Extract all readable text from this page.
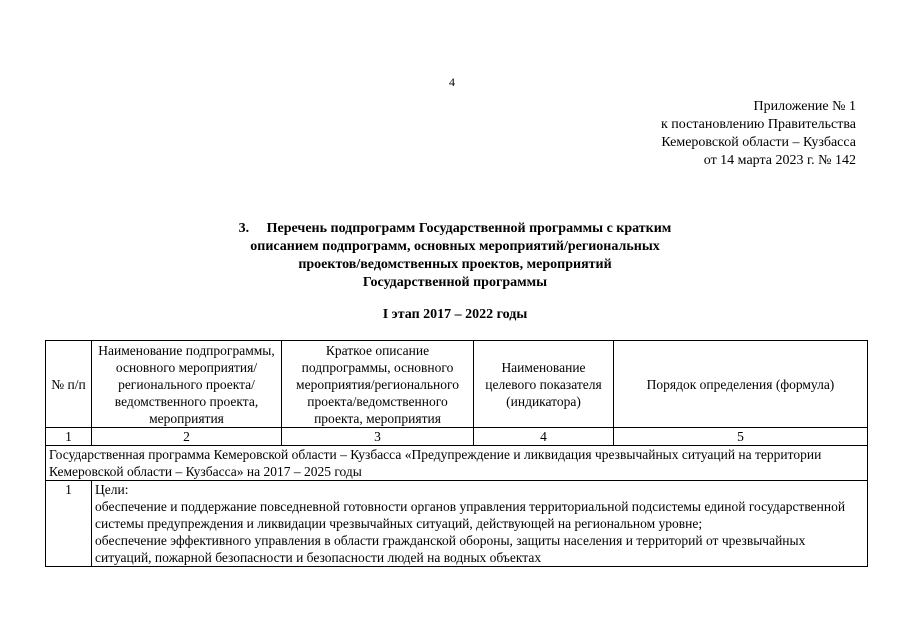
4
Приложение № 1
к постановлению Правительства
Кемеровской области – Кузбасса
от 14 марта 2023 г. № 142
3.     Перечень подпрограмм Государственной программы с кратким
описанием подпрограмм, основных мероприятий/региональных
проектов/ведомственных проектов, мероприятий
Государственной программы
I этап 2017 – 2022 годы
№ п/п	Наименование подпрограммы, основного мероприятия/регионального проекта/ведомственного проекта, мероприятия	Краткое описание подпрограммы, основного мероприятия/регионального проекта/ведомственного проекта, мероприятия	Наименование целевого показателя (индикатора)	Порядок определения (формула)
1	2	3	4	5
Государственная программа Кемеровской области – Кузбасса «Предупреждение и ликвидация чрезвычайных ситуаций на территории Кемеровской области – Кузбасса» на 2017 – 2025 годы				
1	Цели:
обеспечение и поддержание повседневной готовности органов управления территориальной подсистемы единой государственной системы предупреждения и ликвидации чрезвычайных ситуаций, действующей на региональном уровне;
обеспечение эффективного управления в области гражданской обороны, защиты населения и территорий от чрезвычайных ситуаций, пожарной безопасности и безопасности людей на водных объектах			
